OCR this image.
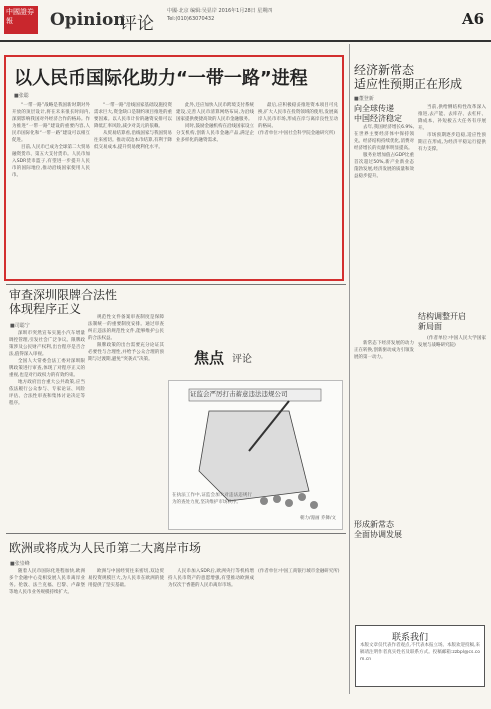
中國證券報	Opinion
评论
中國·北京 编辑:吴显岸 2016年1月28日 星期四
Tel:(010)63070432	A6
以人民币国际化助力“一带一路”进程
■张聪

“一带一路”战略是我国新时期对外开放的顶层设计,将在未来很长时间内,深刻影响我国对外经济合作的格局。作为推进“一带一路”建设的重要内容,人民币国际化和“一带一路”建设可以相互促进。

目前,人民币已成为全球第二大贸易融资货币、第五大支付货币。人民币加入SDR货币篮子,有望进一步提升人民币的国际地位,推动沿线国家使用人民币。

“一带一路”沿线国家基础设施投资需求巨大,资金缺口是制约项目推进的重要因素。以人民币计价的融资安排可以降低汇率风险,减少对美元的依赖。

从贸易结算看,沿线国家与我国贸易往来密切。推动双边本币结算,有利于降低交易成本,提升贸易便利化水平。

此外,还应加快人民币跨境支付系统建设,完善人民币清算网络布局,为沿线国家提供便捷高效的人民币金融服务。

同时,鼓励金融机构在沿线国家设立分支机构,创新人民币金融产品,满足企业多样化的融资需求。

最后,应积极稳妥推进资本项目可兑换,扩大人民币在投资领域的使用,发展离岸人民币市场,形成在岸与离岸良性互动的格局。

(作者单位:中国社会科学院金融研究所)

经济新常态
适应性预期正在形成
■董登新
向全球传递
中国经济稳定

去年,我国经济增长6.9%,在世界主要经济体中保持领先。经济结构持续优化,消费对经济增长的贡献率明显提高。

服务业增加值占GDP比重首次超过50%,新产业新业态蓬勃发展,经济发展的质量和效益稳步提升。

当前,供给侧结构性改革深入推进,去产能、去库存、去杠杆、降成本、补短板五大任务有序展开。

市场预期逐步趋稳,适应性预期正在形成,为经济平稳运行提供有力支撑。

新常态下经济发展的动力正在转换,创新驱动成为引领发展的第一动力。

结构调整开启
新局面

(作者单位:中国人民大学国家发展与战略研究院)

形成新常态
全面协调发展
联系我们

本版文章仅代表作者观点,不代表本报立场。本版欢迎投稿,来稿请注明作者真实姓名及联系方式。投稿邮箱:zzbpl@cs.com.cn

审查深圳限牌合法性
体现程序正义
■司聪宁

深圳市突然宣布实施小汽车增量调控管理,引发社会广泛争议。限牌政策涉及公民财产权利,出台程序是否合法,值得深入审视。

全国人大常委会法工委对深圳限牌政策进行审查,体现了对程序正义的重视,也是对行政权力的有效约束。

地方政府出台重大公共政策,应当依法履行公众参与、专家论证、风险评估、合法性审查和集体讨论决定等程序。

规范性文件备案审查制度是保障法制统一的重要制度安排。通过审查纠正违法的规范性文件,能够维护公民的合法权益。

限牌政策的出台需要充分论证其必要性与合理性,并给予公众合理的预期与过渡期,避免“突袭式”决策。	焦点 评论
证监会严厉打击蓄意违法违规公司

在执法工作中,证监会加大对违法违规行为的查处力度,坚决维护市场秩序。

朝力/漫画 乔舞/文
欧洲或将成为人民币第二大离岸市场
■张崇峰

随着人民币国际化进程加快,欧洲多个金融中心竞相发展人民币离岸业务。伦敦、法兰克福、巴黎、卢森堡等地人民币业务规模持续扩大。

欧洲与中国经贸往来密切,双边贸易投资规模巨大,为人民币在欧洲的使用提供了坚实基础。

人民币加入SDR后,欧洲央行等机构增持人民币资产的意愿增强,有望推动欧洲成为仅次于香港的人民币离岸市场。

(作者单位:中国工商银行城市金融研究所)
